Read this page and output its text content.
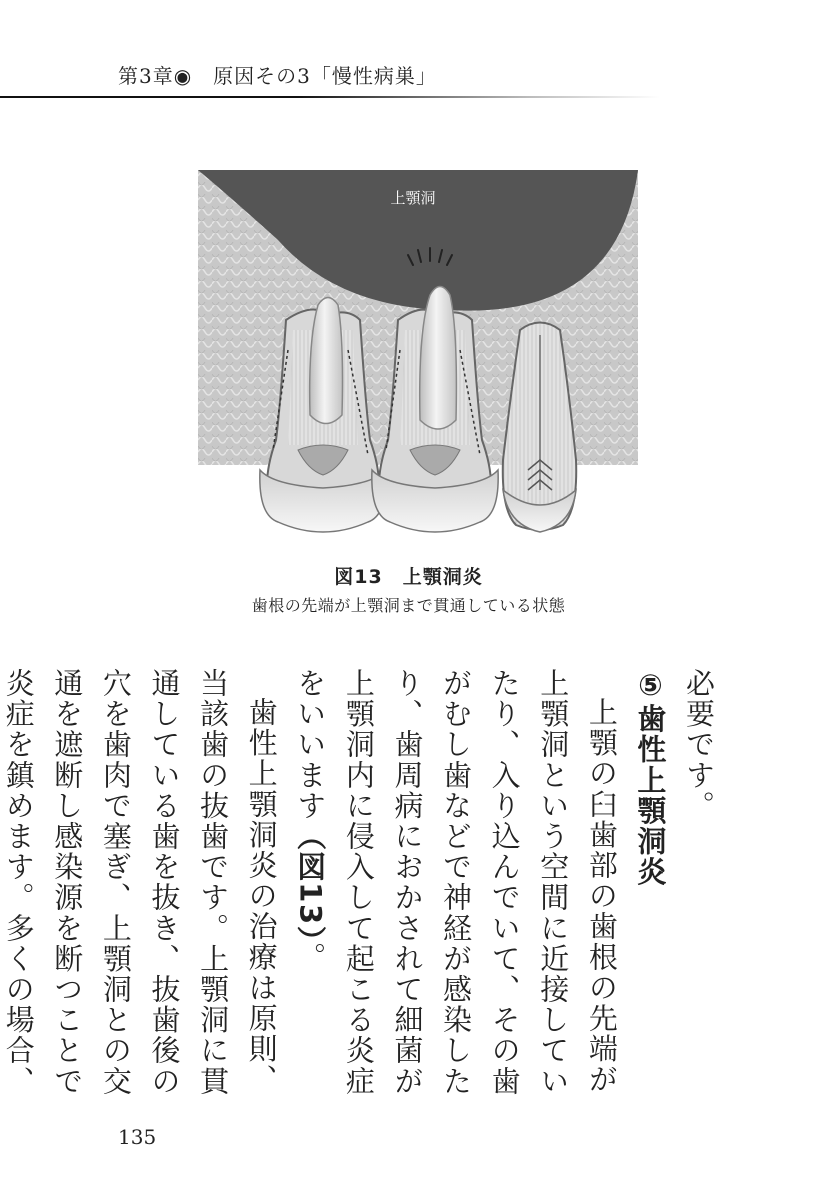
第3章◉　原因その3「慢性病巣」
上顎洞
図13　上顎洞炎
歯根の先端が上顎洞まで貫通している状態

必要です。

⑤歯性上顎洞炎

上顎の臼歯部の歯根の先端が上顎洞という空間に近接していたり、入り込んでいて、その歯がむし歯などで神経が感染したり、歯周病におかされて細菌が上顎洞内に侵入して起こる炎症をいいます（図13）。

歯性上顎洞炎の治療は原則、当該歯の抜歯です。上顎洞に貫通している歯を抜き、抜歯後の穴を歯肉で塞ぎ、上顎洞との交通を遮断し感染源を断つことで炎症を鎮めます。多くの場合、

135
